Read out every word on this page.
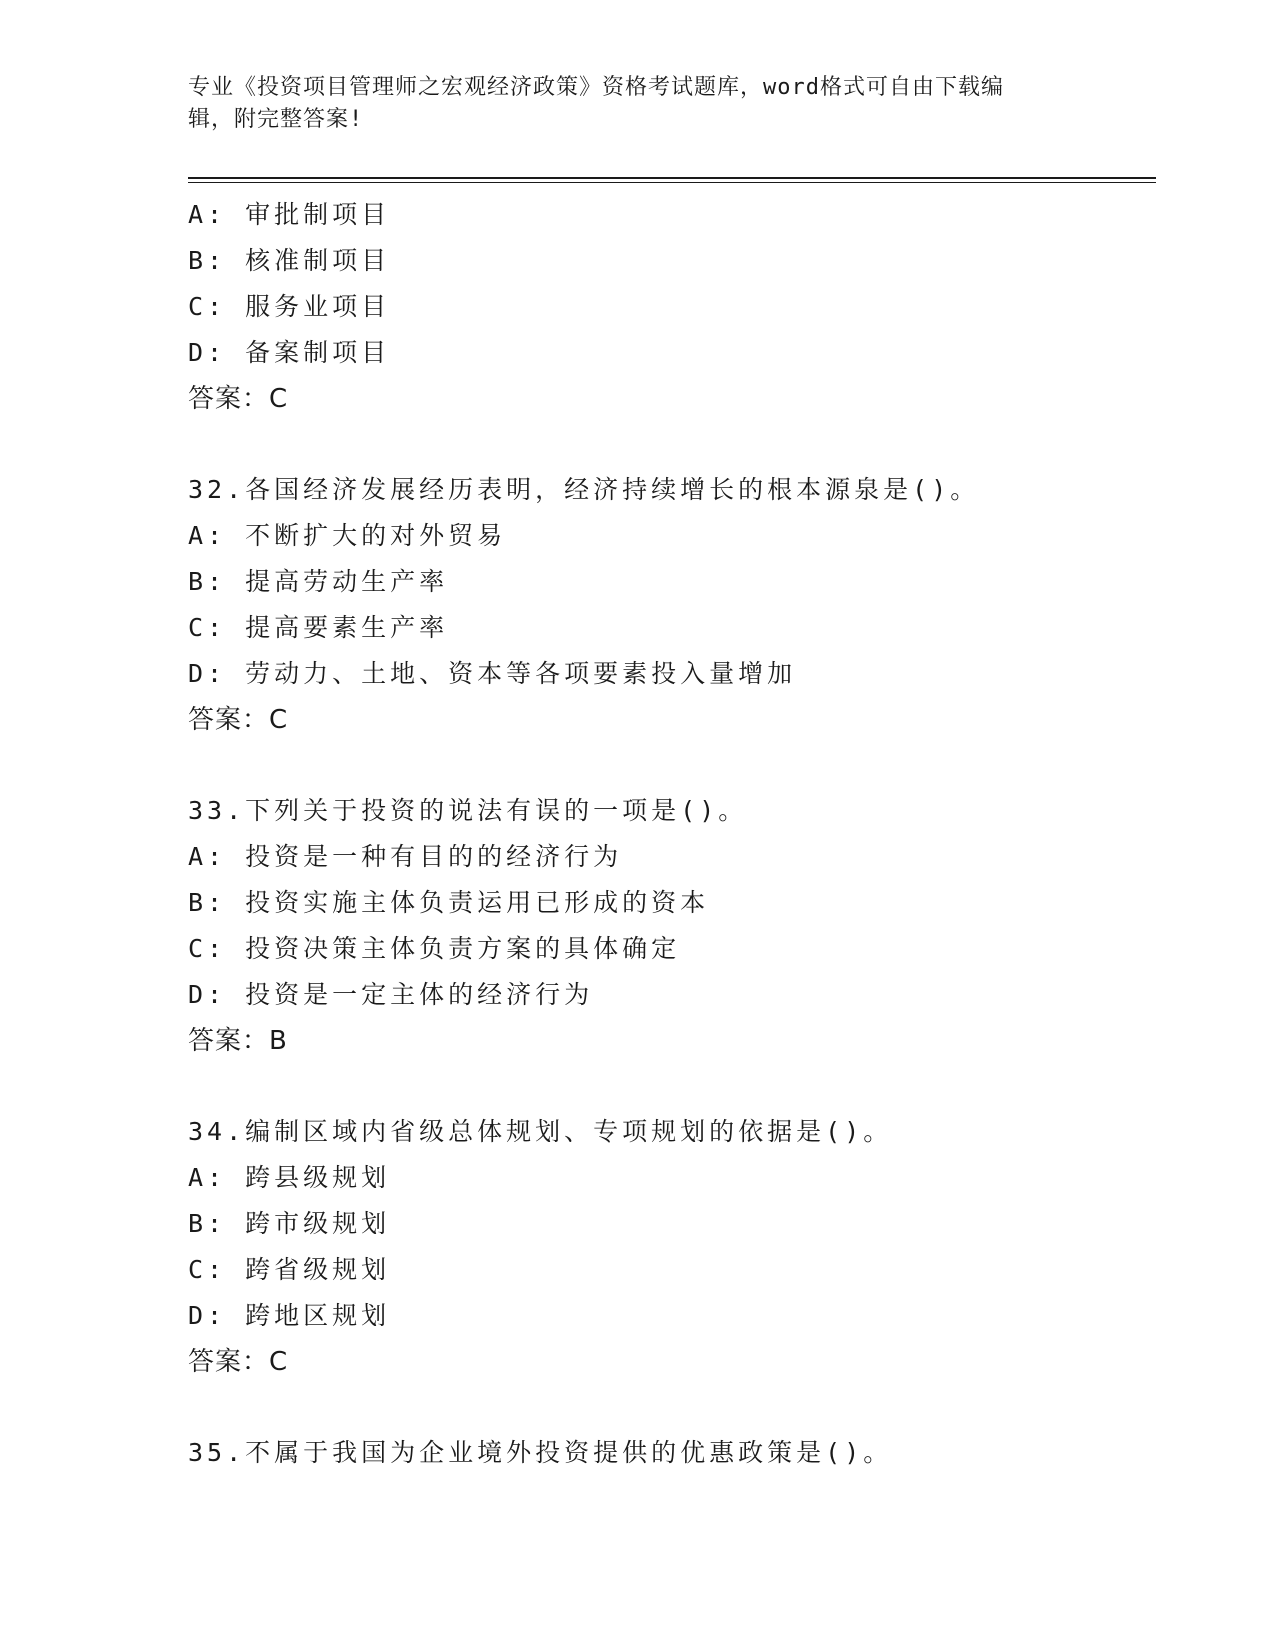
专业《投资项目管理师之宏观经济政策》资格考试题库，word格式可自由下载编
辑，附完整答案!
A: 审批制项目
B: 核准制项目
C: 服务业项目
D: 备案制项目
答案：C
32.各国经济发展经历表明，经济持续增长的根本源泉是()。
A: 不断扩大的对外贸易
B: 提高劳动生产率
C: 提高要素生产率
D: 劳动力、土地、资本等各项要素投入量增加
答案：C
33.下列关于投资的说法有误的一项是()。
A: 投资是一种有目的的经济行为
B: 投资实施主体负责运用已形成的资本
C: 投资决策主体负责方案的具体确定
D: 投资是一定主体的经济行为
答案：B
34.编制区域内省级总体规划、专项规划的依据是()。
A: 跨县级规划
B: 跨市级规划
C: 跨省级规划
D: 跨地区规划
答案：C
35.不属于我国为企业境外投资提供的优惠政策是()。
